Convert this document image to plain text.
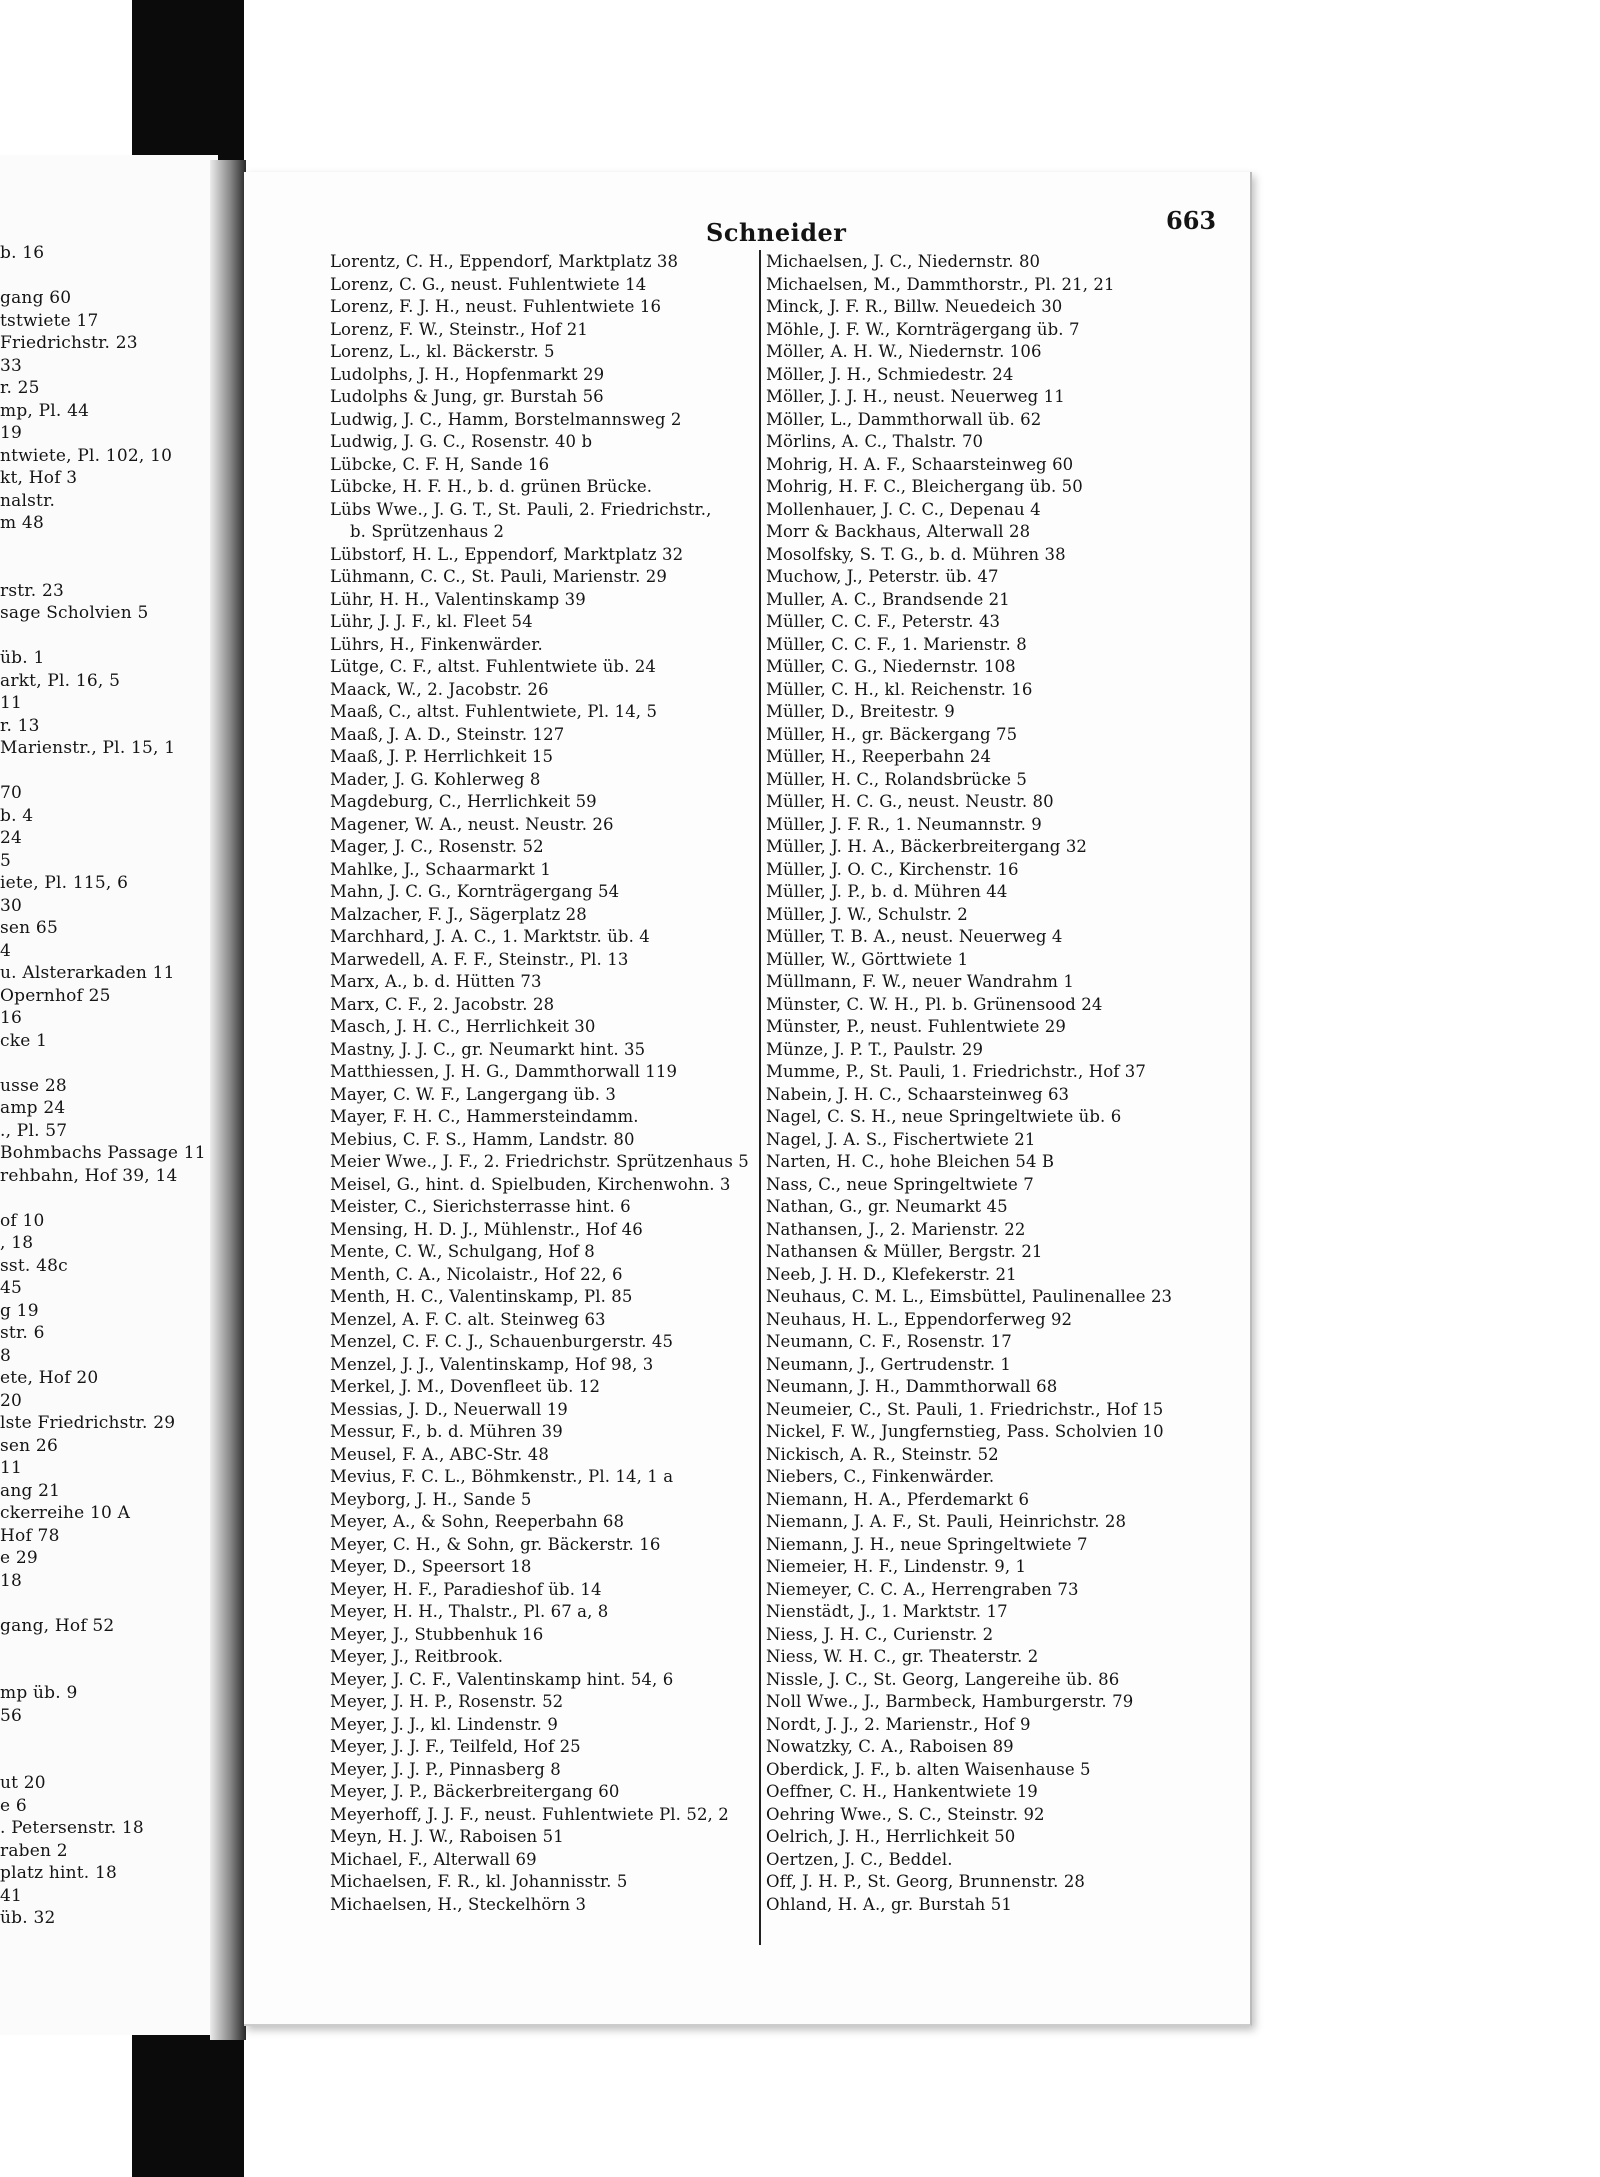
b. 16
gang 60
tstwiete 17
Friedrichstr. 23
33
r. 25
mp, Pl. 44
19
ntwiete, Pl. 102, 10
kt, Hof 3
nalstr.
m 48
rstr. 23
sage Scholvien 5
üb. 1
arkt, Pl. 16, 5
11
r. 13
Marienstr., Pl. 15, 1
70
b. 4
24
5
iete, Pl. 115, 6
30
sen 65
4
u. Alsterarkaden 11
Opernhof 25
16
cke 1
usse 28
amp 24
., Pl. 57
Bohmbachs Passage 11
rehbahn, Hof 39, 14
of 10
, 18
sst. 48c
45
g 19
str. 6
8
ete, Hof 20
20
lste Friedrichstr. 29
sen 26
11
ang 21
ckerreihe 10 A
Hof 78
e 29
18
gang, Hof 52
mp üb. 9
56
ut 20
e 6
. Petersenstr. 18
raben 2
platz hint. 18
41
üb. 32
Schneider	663
Lorentz, C. H., Eppendorf, Marktplatz 38
Lorenz, C. G., neust. Fuhlentwiete 14
Lorenz, F. J. H., neust. Fuhlentwiete 16
Lorenz, F. W., Steinstr., Hof 21
Lorenz, L., kl. Bäckerstr. 5
Ludolphs, J. H., Hopfenmarkt 29
Ludolphs & Jung, gr. Burstah 56
Ludwig, J. C., Hamm, Borstelmannsweg 2
Ludwig, J. G. C., Rosenstr. 40 b
Lübcke, C. F. H, Sande 16
Lübcke, H. F. H., b. d. grünen Brücke.
Lübs Wwe., J. G. T., St. Pauli, 2. Friedrichstr.,
b. Sprützenhaus 2
Lübstorf, H. L., Eppendorf, Marktplatz 32
Lühmann, C. C., St. Pauli, Marienstr. 29
Lühr, H. H., Valentinskamp 39
Lühr, J. J. F., kl. Fleet 54
Lührs, H., Finkenwärder.
Lütge, C. F., altst. Fuhlentwiete üb. 24
Maack, W., 2. Jacobstr. 26
Maaß, C., altst. Fuhlentwiete, Pl. 14, 5
Maaß, J. A. D., Steinstr. 127
Maaß, J. P. Herrlichkeit 15
Mader, J. G. Kohlerweg 8
Magdeburg, C., Herrlichkeit 59
Magener, W. A., neust. Neustr. 26
Mager, J. C., Rosenstr. 52
Mahlke, J., Schaarmarkt 1
Mahn, J. C. G., Kornträgergang 54
Malzacher, F. J., Sägerplatz 28
Marchhard, J. A. C., 1. Marktstr. üb. 4
Marwedell, A. F. F., Steinstr., Pl. 13
Marx, A., b. d. Hütten 73
Marx, C. F., 2. Jacobstr. 28
Masch, J. H. C., Herrlichkeit 30
Mastny, J. J. C., gr. Neumarkt hint. 35
Matthiessen, J. H. G., Dammthorwall 119
Mayer, C. W. F., Langergang üb. 3
Mayer, F. H. C., Hammersteindamm.
Mebius, C. F. S., Hamm, Landstr. 80
Meier Wwe., J. F., 2. Friedrichstr. Sprützenhaus 5
Meisel, G., hint. d. Spielbuden, Kirchenwohn. 3
Meister, C., Sierichsterrasse hint. 6
Mensing, H. D. J., Mühlenstr., Hof 46
Mente, C. W., Schulgang, Hof 8
Menth, C. A., Nicolaistr., Hof 22, 6
Menth, H. C., Valentinskamp, Pl. 85
Menzel, A. F. C. alt. Steinweg 63
Menzel, C. F. C. J., Schauenburgerstr. 45
Menzel, J. J., Valentinskamp, Hof 98, 3
Merkel, J. M., Dovenfleet üb. 12
Messias, J. D., Neuerwall 19
Messur, F., b. d. Mühren 39
Meusel, F. A., ABC-Str. 48
Mevius, F. C. L., Böhmkenstr., Pl. 14, 1 a
Meyborg, J. H., Sande 5
Meyer, A., & Sohn, Reeperbahn 68
Meyer, C. H., & Sohn, gr. Bäckerstr. 16
Meyer, D., Speersort 18
Meyer, H. F., Paradieshof üb. 14
Meyer, H. H., Thalstr., Pl. 67 a, 8
Meyer, J., Stubbenhuk 16
Meyer, J., Reitbrook.
Meyer, J. C. F., Valentinskamp hint. 54, 6
Meyer, J. H. P., Rosenstr. 52
Meyer, J. J., kl. Lindenstr. 9
Meyer, J. J. F., Teilfeld, Hof 25
Meyer, J. J. P., Pinnasberg 8
Meyer, J. P., Bäckerbreitergang 60
Meyerhoff, J. J. F., neust. Fuhlentwiete Pl. 52, 2
Meyn, H. J. W., Raboisen 51
Michael, F., Alterwall 69
Michaelsen, F. R., kl. Johannisstr. 5
Michaelsen, H., Steckelhörn 3
Michaelsen, J. C., Niedernstr. 80
Michaelsen, M., Dammthorstr., Pl. 21, 21
Minck, J. F. R., Billw. Neuedeich 30
Möhle, J. F. W., Kornträgergang üb. 7
Möller, A. H. W., Niedernstr. 106
Möller, J. H., Schmiedestr. 24
Möller, J. J. H., neust. Neuerweg 11
Möller, L., Dammthorwall üb. 62
Mörlins, A. C., Thalstr. 70
Mohrig, H. A. F., Schaarsteinweg 60
Mohrig, H. F. C., Bleichergang üb. 50
Mollenhauer, J. C. C., Depenau 4
Morr & Backhaus, Alterwall 28
Mosolfsky, S. T. G., b. d. Mühren 38
Muchow, J., Peterstr. üb. 47
Muller, A. C., Brandsende 21
Müller, C. C. F., Peterstr. 43
Müller, C. C. F., 1. Marienstr. 8
Müller, C. G., Niedernstr. 108
Müller, C. H., kl. Reichenstr. 16
Müller, D., Breitestr. 9
Müller, H., gr. Bäckergang 75
Müller, H., Reeperbahn 24
Müller, H. C., Rolandsbrücke 5
Müller, H. C. G., neust. Neustr. 80
Müller, J. F. R., 1. Neumannstr. 9
Müller, J. H. A., Bäckerbreitergang 32
Müller, J. O. C., Kirchenstr. 16
Müller, J. P., b. d. Mühren 44
Müller, J. W., Schulstr. 2
Müller, T. B. A., neust. Neuerweg 4
Müller, W., Görttwiete 1
Müllmann, F. W., neuer Wandrahm 1
Münster, C. W. H., Pl. b. Grünensood 24
Münster, P., neust. Fuhlentwiete 29
Münze, J. P. T., Paulstr. 29
Mumme, P., St. Pauli, 1. Friedrichstr., Hof 37
Nabein, J. H. C., Schaarsteinweg 63
Nagel, C. S. H., neue Springeltwiete üb. 6
Nagel, J. A. S., Fischertwiete 21
Narten, H. C., hohe Bleichen 54 B
Nass, C., neue Springeltwiete 7
Nathan, G., gr. Neumarkt 45
Nathansen, J., 2. Marienstr. 22
Nathansen & Müller, Bergstr. 21
Neeb, J. H. D., Klefekerstr. 21
Neuhaus, C. M. L., Eimsbüttel, Paulinenallee 23
Neuhaus, H. L., Eppendorferweg 92
Neumann, C. F., Rosenstr. 17
Neumann, J., Gertrudenstr. 1
Neumann, J. H., Dammthorwall 68
Neumeier, C., St. Pauli, 1. Friedrichstr., Hof 15
Nickel, F. W., Jungfernstieg, Pass. Scholvien 10
Nickisch, A. R., Steinstr. 52
Niebers, C., Finkenwärder.
Niemann, H. A., Pferdemarkt 6
Niemann, J. A. F., St. Pauli, Heinrichstr. 28
Niemann, J. H., neue Springeltwiete 7
Niemeier, H. F., Lindenstr. 9, 1
Niemeyer, C. C. A., Herrengraben 73
Nienstädt, J., 1. Marktstr. 17
Niess, J. H. C., Curienstr. 2
Niess, W. H. C., gr. Theaterstr. 2
Nissle, J. C., St. Georg, Langereihe üb. 86
Noll Wwe., J., Barmbeck, Hamburgerstr. 79
Nordt, J. J., 2. Marienstr., Hof 9
Nowatzky, C. A., Raboisen 89
Oberdick, J. F., b. alten Waisenhause 5
Oeffner, C. H., Hankentwiete 19
Oehring Wwe., S. C., Steinstr. 92
Oelrich, J. H., Herrlichkeit 50
Oertzen, J. C., Beddel.
Off, J. H. P., St. Georg, Brunnenstr. 28
Ohland, H. A., gr. Burstah 51
